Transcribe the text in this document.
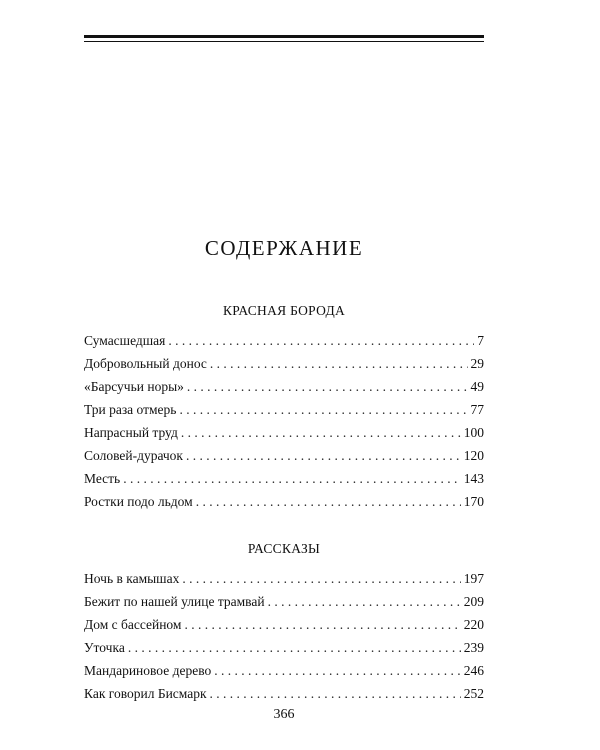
СОДЕРЖАНИЕ
КРАСНАЯ БОРОДА
Сумасшедшая . . .	7
Добровольный донос . . .	29
«Барсучьи норы» . . .	49
Три раза отмерь . . .	77
Напрасный труд . . .	100
Соловей-дурачок . . .	120
Месть . . .	143
Ростки подо льдом . . .	170
РАССКАЗЫ
Ночь в камышах . . .	197
Бежит по нашей улице трамвай . . .	209
Дом с бассейном . . .	220
Уточка . . .	239
Мандариновое дерево . . .	246
Как говорил Бисмарк . . .	252
366
